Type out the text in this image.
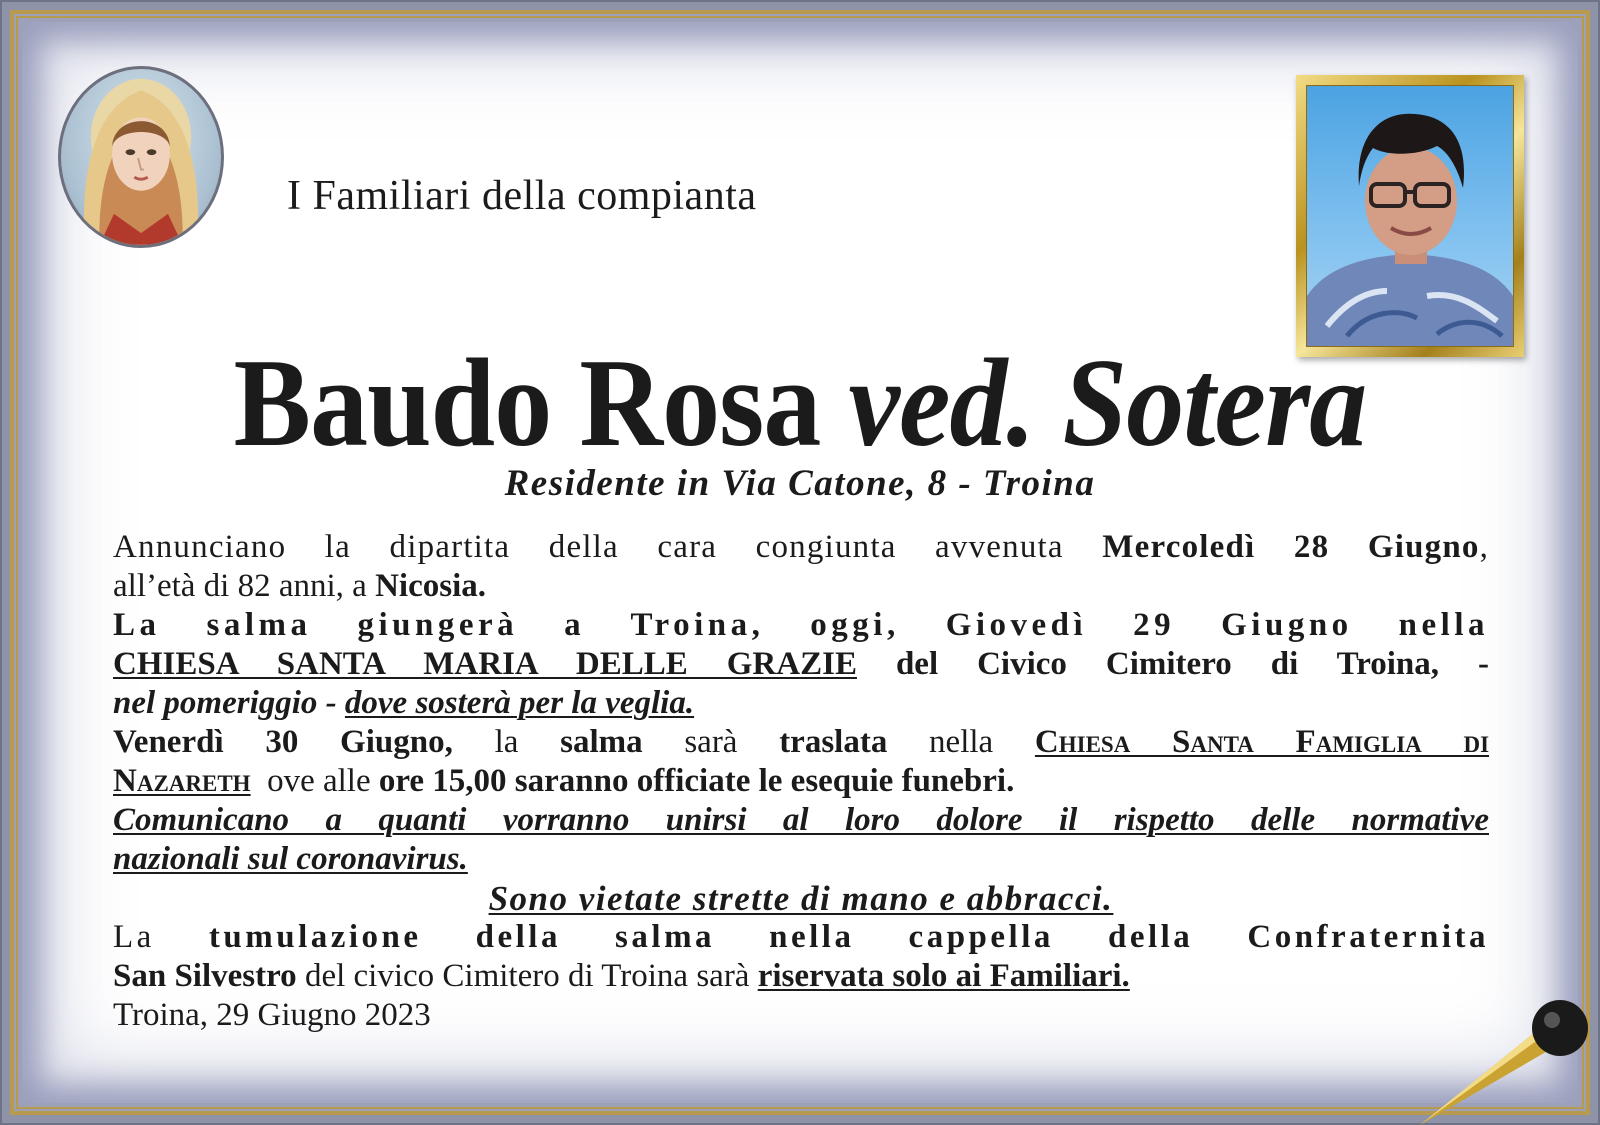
I Familiari della compianta
Baudo Rosa ved. Sotera
Residente in Via Catone, 8 - Troina
Annunciano la dipartita della cara congiunta avvenuta Mercoledì 28 Giugno,
all’età di 82 anni, a Nicosia.
La salma giungerà a Troina, oggi, Giovedì 29 Giugno nella
CHIESA SANTA MARIA DELLE GRAZIE del Civico Cimitero di Troina, -
nel pomeriggio - dove sosterà per la veglia.
Venerdì 30 Giugno, la salma sarà traslata nella Chiesa Santa Famiglia di
Nazareth ove alle ore 15,00 saranno officiate le esequie funebri.
Comunicano a quanti vorranno unirsi al loro dolore il rispetto delle normative
nazionali sul coronavirus.
Sono vietate strette di mano e abbracci.
La tumulazione della salma nella cappella della Confraternita
San Silvestro del civico Cimitero di Troina sarà riservata solo ai Familiari.
Troina, 29 Giugno 2023
